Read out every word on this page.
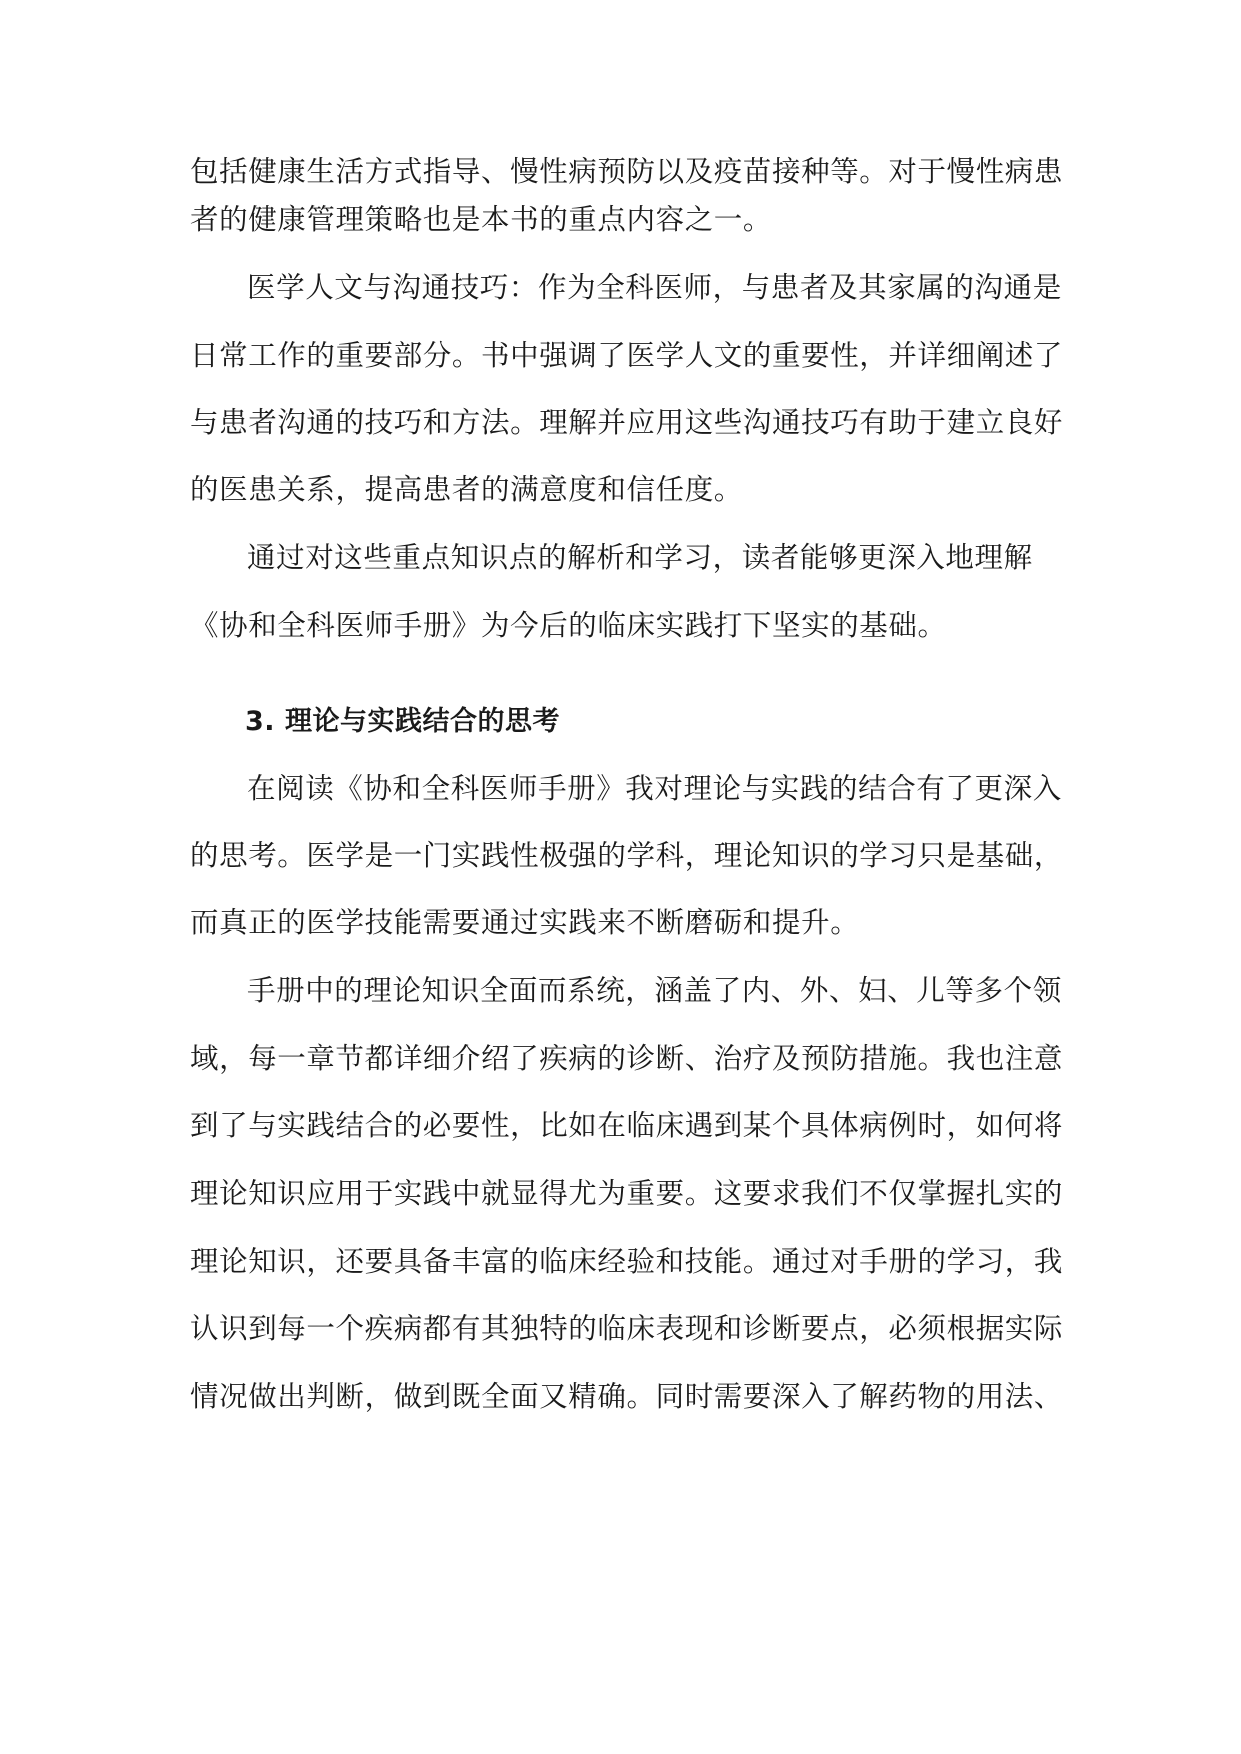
包括健康生活方式指导、慢性病预防以及疫苗接种等。对于慢性病患
者的健康管理策略也是本书的重点内容之一。
医学人文与沟通技巧：作为全科医师，与患者及其家属的沟通是
日常工作的重要部分。书中强调了医学人文的重要性，并详细阐述了
与患者沟通的技巧和方法。理解并应用这些沟通技巧有助于建立良好
的医患关系，提高患者的满意度和信任度。
通过对这些重点知识点的解析和学习，读者能够更深入地理解
《协和全科医师手册》为今后的临床实践打下坚实的基础。
3. 理论与实践结合的思考
在阅读《协和全科医师手册》我对理论与实践的结合有了更深入
的思考。医学是一门实践性极强的学科，理论知识的学习只是基础，
而真正的医学技能需要通过实践来不断磨砺和提升。
手册中的理论知识全面而系统，涵盖了内、外、妇、儿等多个领
域，每一章节都详细介绍了疾病的诊断、治疗及预防措施。我也注意
到了与实践结合的必要性，比如在临床遇到某个具体病例时，如何将
理论知识应用于实践中就显得尤为重要。这要求我们不仅掌握扎实的
理论知识，还要具备丰富的临床经验和技能。通过对手册的学习，我
认识到每一个疾病都有其独特的临床表现和诊断要点，必须根据实际
情况做出判断，做到既全面又精确。同时需要深入了解药物的用法、
